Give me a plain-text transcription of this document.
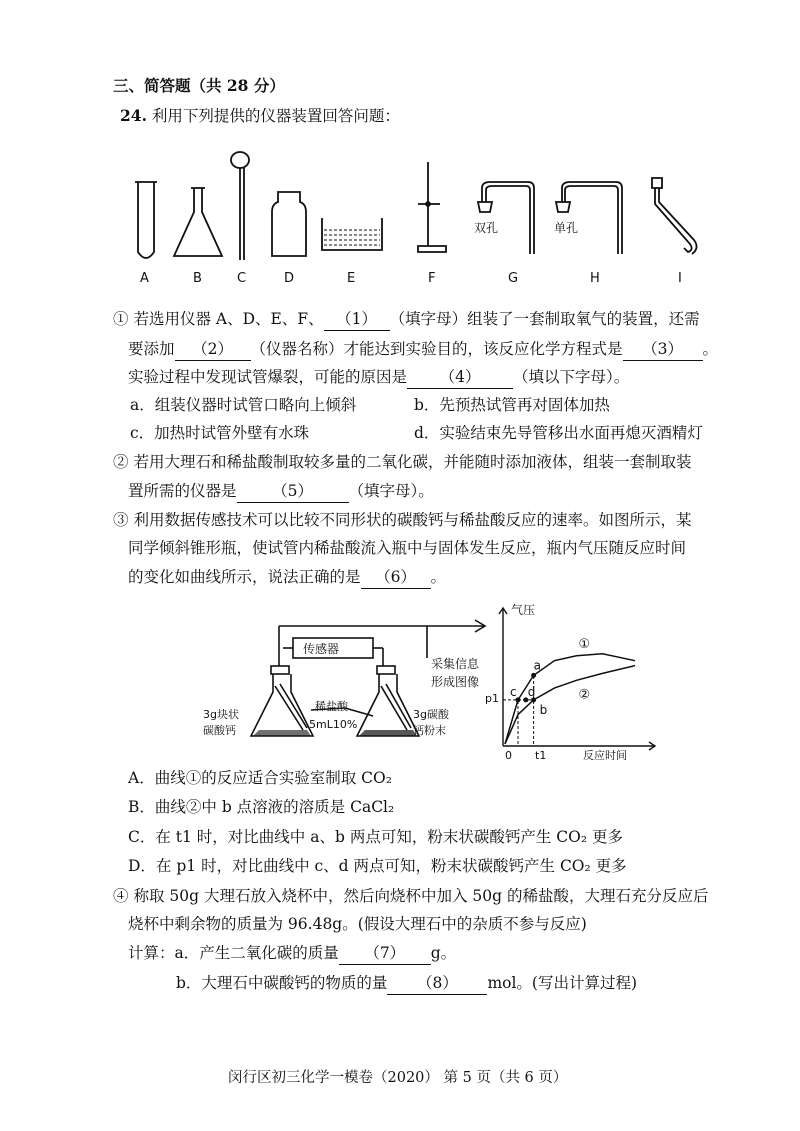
三、简答题（共 28 分）
24. 利用下列提供的仪器装置回答问题：
双孔	单孔
A	B	C	D	E	F	G	H	I
① 若选用仪器 A、D、E、F、 （1） （填字母）组装了一套制取氧气的装置，还需
要添加 （2） （仪器名称）才能达到实验目的，该反应化学方程式是 （3） 。
实验过程中发现试管爆裂，可能的原因是 （4） （填以下字母）。
a．组装仪器时试管口略向上倾斜	b．先预热试管再对固体加热
c．加热时试管外壁有水珠	d．实验结束先导管移出水面再熄灭酒精灯
② 若用大理石和稀盐酸制取较多量的二氧化碳，并能随时添加液体，组装一套制取装
置所需的仪器是 （5） （填字母）。
③ 利用数据传感技术可以比较不同形状的碳酸钙与稀盐酸反应的速率。如图所示，某
同学倾斜锥形瓶，使试管内稀盐酸流入瓶中与固体发生反应，瓶内气压随反应时间
的变化如曲线所示，说法正确的是 （6） 。
传感器
采集信息
形成图像
3g块状
碳酸钙
稀盐酸
5mL10%
3g碳酸
钙粉末
气压
反应时间
0 t1
p1
①
②
a
b
c d
A．曲线①的反应适合实验室制取 CO₂
B．曲线②中 b 点溶液的溶质是 CaCl₂
C．在 t1 时，对比曲线中 a、b 两点可知，粉末状碳酸钙产生 CO₂ 更多
D．在 p1 时，对比曲线中 c、d 两点可知，粉末状碳酸钙产生 CO₂ 更多
④ 称取 50g 大理石放入烧杯中，然后向烧杯中加入 50g 的稀盐酸，大理石充分反应后
烧杯中剩余物的质量为 96.48g。(假设大理石中的杂质不参与反应)
计算：a．产生二氧化碳的质量 （7） g。
b．大理石中碳酸钙的物质的量 （8） mol。(写出计算过程)
闵行区初三化学一模卷（2020） 第 5 页（共 6 页）
